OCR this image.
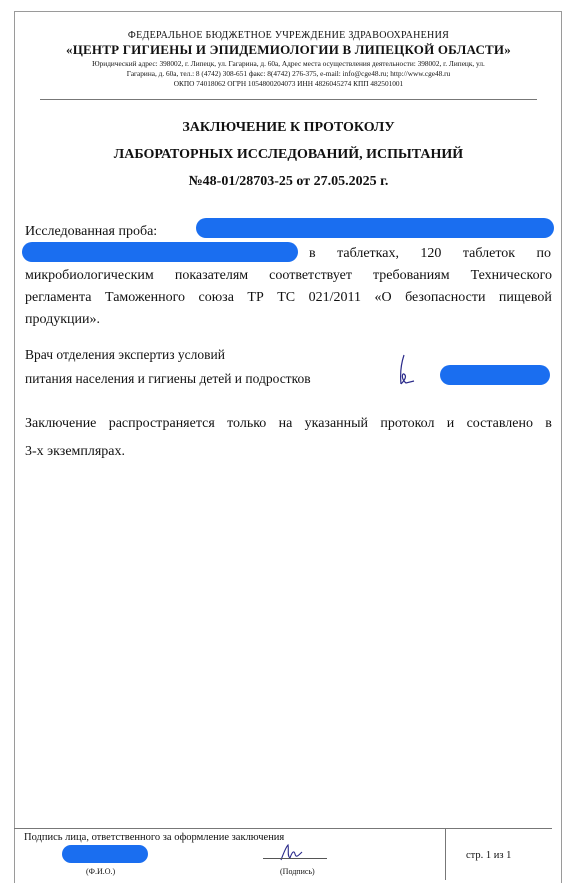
ФЕДЕРАЛЬНОЕ БЮДЖЕТНОЕ УЧРЕЖДЕНИЕ ЗДРАВООХРАНЕНИЯ
«ЦЕНТР ГИГИЕНЫ И ЭПИДЕМИОЛОГИИ В ЛИПЕЦКОЙ ОБЛАСТИ»
Юридический адрес: 398002, г. Липецк, ул. Гагарина, д. 60а, Адрес места осуществления деятельности: 398002, г. Липецк, ул.
Гагарина, д. 60а, тел.: 8 (4742) 308-651 факс: 8(4742) 276-375, e-mail: info@cge48.ru; http://www.cge48.ru
ОКПО 74018062 ОГРН 1054800204073 ИНН 4826045274 КПП 482501001
ЗАКЛЮЧЕНИЕ К ПРОТОКОЛУ
ЛАБОРАТОРНЫХ ИССЛЕДОВАНИЙ, ИСПЫТАНИЙ
№48-01/28703-25 от 27.05.2025 г.
Исследованная проба:
в таблетках, 120 таблеток по
микробиологическим показателям соответствует требованиям Технического
регламента Таможенного союза ТР ТС 021/2011 «О безопасности пищевой
продукции».
Врач отделения экспертиз условий
питания населения и гигиены детей и подростков
Заключение распространяется только на указанный протокол и составлено в
3-х экземплярах.
Подпись лица, ответственного за оформление заключения
(Ф.И.О.)	(Подпись)
стр. 1 из 1
